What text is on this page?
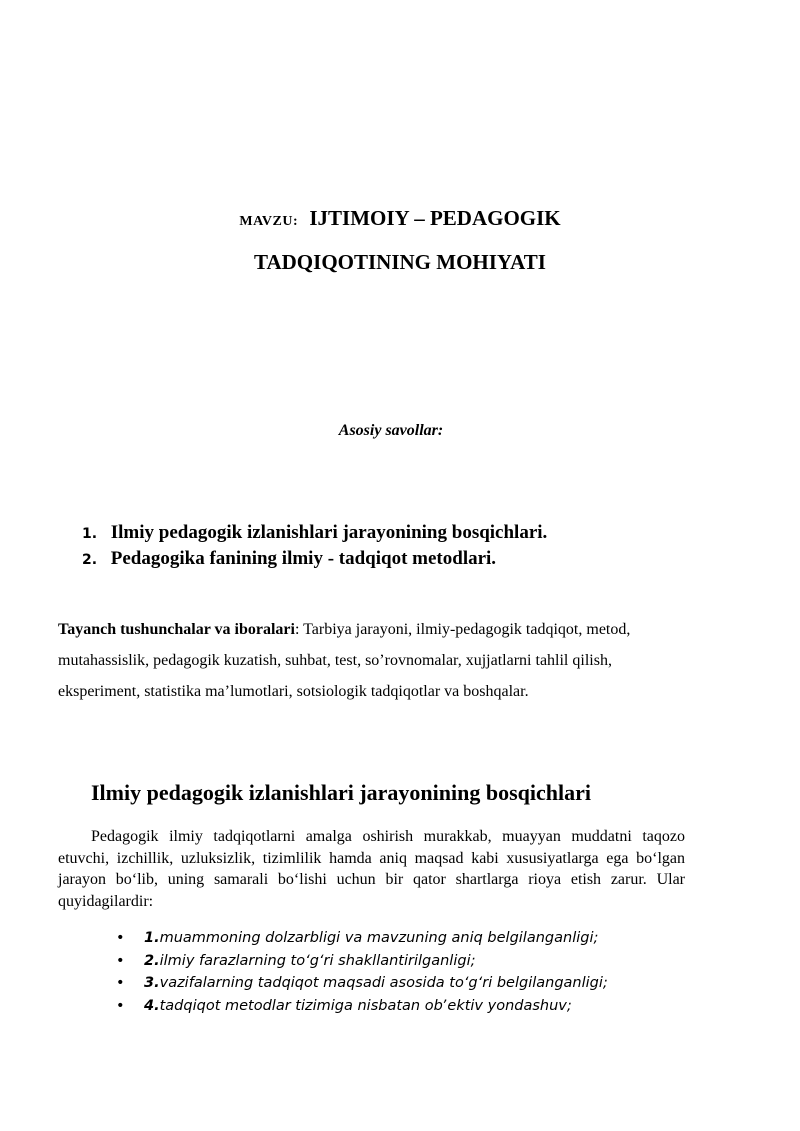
MAVZU: IJTIMOIY – PEDAGOGIK
TADQIQOTINING MOHIYATI
Asosiy savollar:
1. Ilmiy pedagogik izlanishlari jarayonining bosqichlari.
2. Pedagogika fanining ilmiy - tadqiqot metodlari.
Tayanch tushunchalar va iboralari: Tarbiya jarayoni, ilmiy-pedagogik tadqiqot, metod, mutahassislik, pedagogik kuzatish, suhbat, test, so’rovnomalar, xujjatlarni tahlil qilish, eksperiment, statistika ma’lumotlari, sotsiologik tadqiqotlar va boshqalar.
Ilmiy pedagogik izlanishlari jarayonining bosqichlari
Pedagogik ilmiy tadqiqotlarni amalga oshirish murakkab, muayyan muddatni taqozo etuvchi, izchillik, uzluksizlik, tizimlilik hamda aniq maqsad kabi xususiyatlarga ega boʻlgan jarayon boʻlib, uning samarali boʻlishi uchun bir qator shartlarga rioya etish zarur. Ular quyidagilardir:
• 1.muammoning dolzarbligi va mavzuning aniq belgilanganligi;
• 2.ilmiy farazlarning toʻgʻri shakllantirilganligi;
• 3.vazifalarning tadqiqot maqsadi asosida toʻgʻri belgilanganligi;
• 4.tadqiqot metodlar tizimiga nisbatan obʼektiv yondashuv;
